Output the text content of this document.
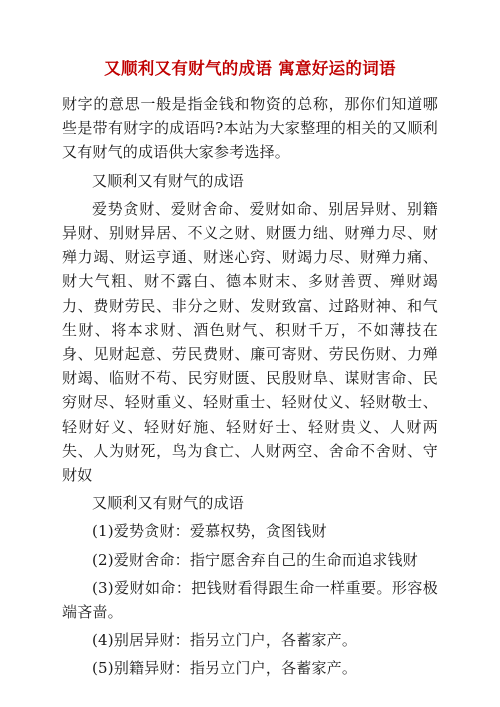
又顺利又有财气的成语 寓意好运的词语

财字的意思一般是指金钱和物资的总称，那你们知道哪些是带有财字的成语吗?本站为大家整理的相关的又顺利又有财气的成语供大家参考选择。

又顺利又有财气的成语

爱势贪财、爱财舍命、爱财如命、别居异财、别籍异财、别财异居、不义之财、财匮力绌、财殚力尽、财殚力竭、财运亨通、财迷心窍、财竭力尽、财殚力痛、财大气粗、财不露白、德本财末、多财善贾、殚财竭力、费财劳民、非分之财、发财致富、过路财神、和气生财、将本求财、酒色财气、积财千万，不如薄技在身、见财起意、劳民费财、廉可寄财、劳民伤财、力殚财竭、临财不苟、民穷财匮、民殷财阜、谋财害命、民穷财尽、轻财重义、轻财重士、轻财仗义、轻财敬士、轻财好义、轻财好施、轻财好士、轻财贵义、人财两失、人为财死，鸟为食亡、人财两空、舍命不舍财、守财奴

又顺利又有财气的成语

(1)爱势贪财：爱慕权势，贪图钱财

(2)爱财舍命：指宁愿舍弃自己的生命而追求钱财

(3)爱财如命：把钱财看得跟生命一样重要。形容极端吝啬。

(4)别居异财：指另立门户，各蓄家产。

(5)别籍异财：指另立门户，各蓄家产。
